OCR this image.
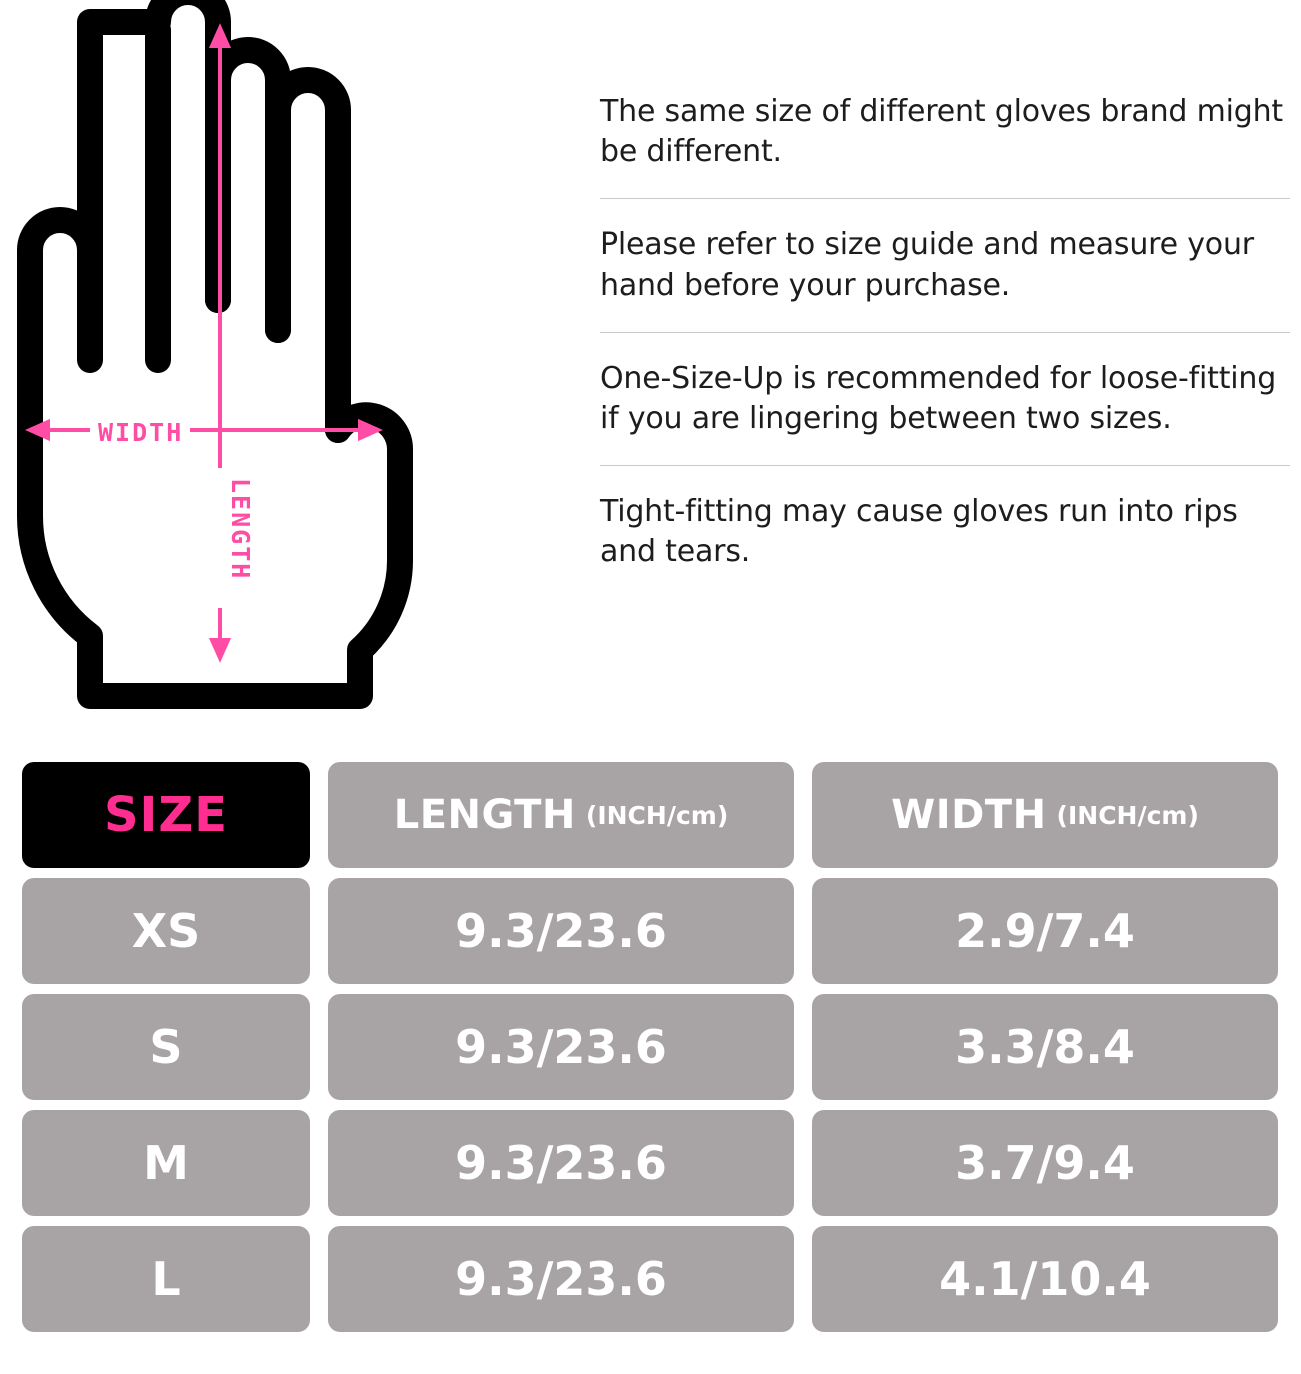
WIDTH
LENGTH
The same size of different gloves brand might be different.
Please refer to size guide and measure your hand before your purchase.
One-Size-Up is recommended for loose-fitting if you are lingering between two sizes.
Tight-fitting may cause gloves run into rips and tears.
SIZE	LENGTH (INCH/cm)	WIDTH (INCH/cm)
XS	9.3/23.6	2.9/7.4
S	9.3/23.6	3.3/8.4
M	9.3/23.6	3.7/9.4
L	9.3/23.6	4.1/10.4
